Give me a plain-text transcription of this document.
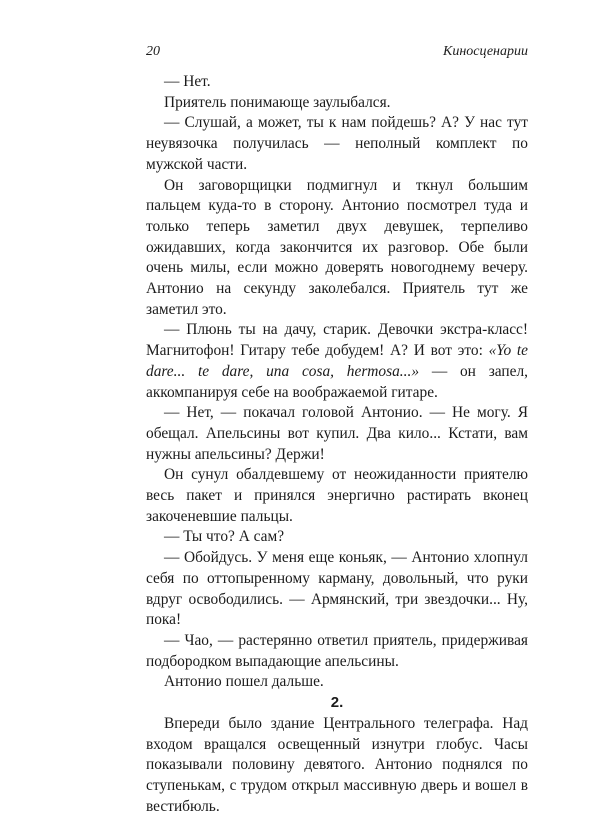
20	Киносценарии

— Нет.

Приятель понимающе заулыбался.

— Слушай, а может, ты к нам пойдешь? А? У нас тут неувязочка получилась — неполный комплект по мужской части.

Он заговорщицки подмигнул и ткнул большим пальцем куда-то в сторону. Антонио посмотрел туда и только теперь заметил двух девушек, терпеливо ожидавших, когда закончится их разговор. Обе были очень милы, если можно доверять новогоднему вечеру. Антонио на секунду заколебался. Приятель тут же заметил это.

— Плюнь ты на дачу, старик. Девочки экстра-класс! Магнитофон! Гитару тебе добудем! А? И вот это: «Yo te dare... te dare, una cosa, hermosa...» — он запел, аккомпанируя себе на воображаемой гитаре.

— Нет, — покачал головой Антонио. — Не могу. Я обещал. Апельсины вот купил. Два кило... Кстати, вам нужны апельсины? Держи!

Он сунул обалдевшему от неожиданности приятелю весь пакет и принялся энергично растирать вконец закоченевшие пальцы.

— Ты что? А сам?

— Обойдусь. У меня еще коньяк, — Антонио хлопнул себя по оттопыренному карману, довольный, что руки вдруг освободились. — Армянский, три звездочки... Ну, пока!

— Чао, — растерянно ответил приятель, придерживая подбородком выпадающие апельсины.

Антонио пошел дальше.

2.

Впереди было здание Центрального телеграфа. Над входом вращался освещенный изнутри глобус. Часы показывали половину девятого. Антонио поднялся по ступенькам, с трудом открыл массивную дверь и вошел в вестибюль.
